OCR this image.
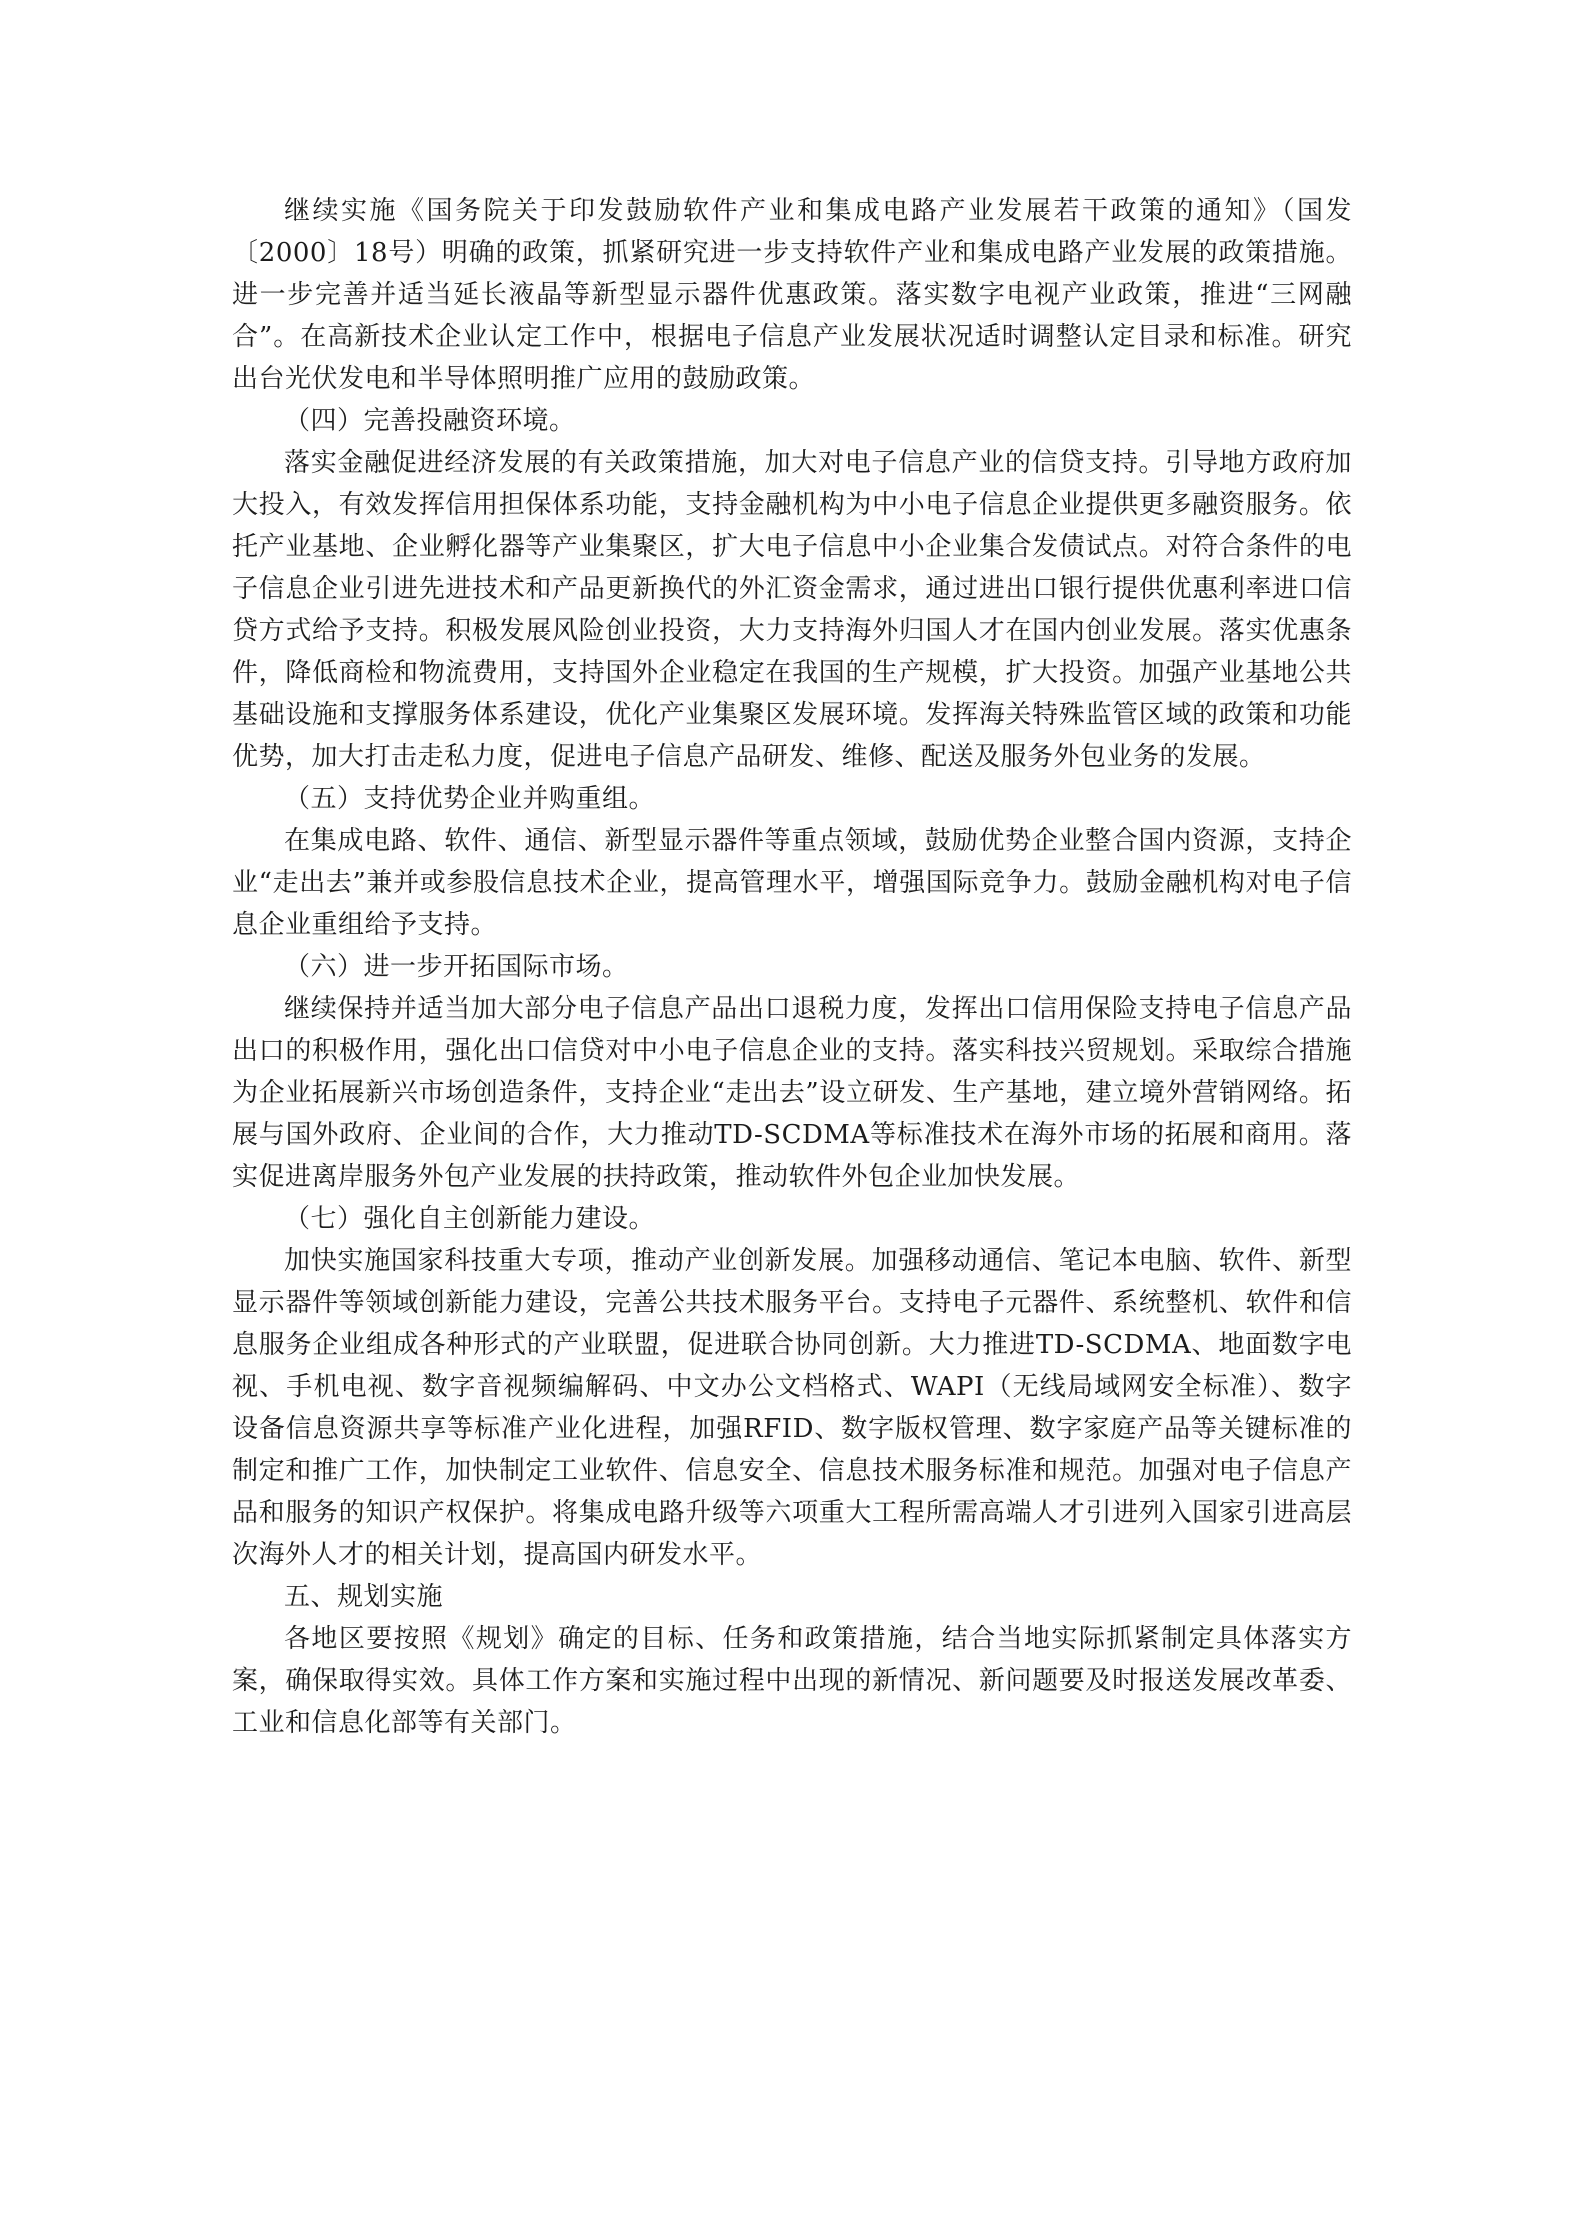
继续实施《国务院关于印发鼓励软件产业和集成电路产业发展若干政策的通知》（国发〔2000〕18号）明确的政策，抓紧研究进一步支持软件产业和集成电路产业发展的政策措施。进一步完善并适当延长液晶等新型显示器件优惠政策。落实数字电视产业政策，推进“三网融合”。在高新技术企业认定工作中，根据电子信息产业发展状况适时调整认定目录和标准。研究出台光伏发电和半导体照明推广应用的鼓励政策。

（四）完善投融资环境。

落实金融促进经济发展的有关政策措施，加大对电子信息产业的信贷支持。引导地方政府加大投入，有效发挥信用担保体系功能，支持金融机构为中小电子信息企业提供更多融资服务。依托产业基地、企业孵化器等产业集聚区，扩大电子信息中小企业集合发债试点。对符合条件的电子信息企业引进先进技术和产品更新换代的外汇资金需求，通过进出口银行提供优惠利率进口信贷方式给予支持。积极发展风险创业投资，大力支持海外归国人才在国内创业发展。落实优惠条件，降低商检和物流费用，支持国外企业稳定在我国的生产规模，扩大投资。加强产业基地公共基础设施和支撑服务体系建设，优化产业集聚区发展环境。发挥海关特殊监管区域的政策和功能优势，加大打击走私力度，促进电子信息产品研发、维修、配送及服务外包业务的发展。

（五）支持优势企业并购重组。

在集成电路、软件、通信、新型显示器件等重点领域，鼓励优势企业整合国内资源，支持企业“走出去”兼并或参股信息技术企业，提高管理水平，增强国际竞争力。鼓励金融机构对电子信息企业重组给予支持。

（六）进一步开拓国际市场。

继续保持并适当加大部分电子信息产品出口退税力度，发挥出口信用保险支持电子信息产品出口的积极作用，强化出口信贷对中小电子信息企业的支持。落实科技兴贸规划。采取综合措施为企业拓展新兴市场创造条件，支持企业“走出去”设立研发、生产基地，建立境外营销网络。拓展与国外政府、企业间的合作，大力推动TD-SCDMA等标准技术在海外市场的拓展和商用。落实促进离岸服务外包产业发展的扶持政策，推动软件外包企业加快发展。

（七）强化自主创新能力建设。

加快实施国家科技重大专项，推动产业创新发展。加强移动通信、笔记本电脑、软件、新型显示器件等领域创新能力建设，完善公共技术服务平台。支持电子元器件、系统整机、软件和信息服务企业组成各种形式的产业联盟，促进联合协同创新。大力推进TD-SCDMA、地面数字电视、手机电视、数字音视频编解码、中文办公文档格式、WAPI（无线局域网安全标准）、数字设备信息资源共享等标准产业化进程，加强RFID、数字版权管理、数字家庭产品等关键标准的制定和推广工作，加快制定工业软件、信息安全、信息技术服务标准和规范。加强对电子信息产品和服务的知识产权保护。将集成电路升级等六项重大工程所需高端人才引进列入国家引进高层次海外人才的相关计划，提高国内研发水平。

五、规划实施

各地区要按照《规划》确定的目标、任务和政策措施，结合当地实际抓紧制定具体落实方案，确保取得实效。具体工作方案和实施过程中出现的新情况、新问题要及时报送发展改革委、工业和信息化部等有关部门。
